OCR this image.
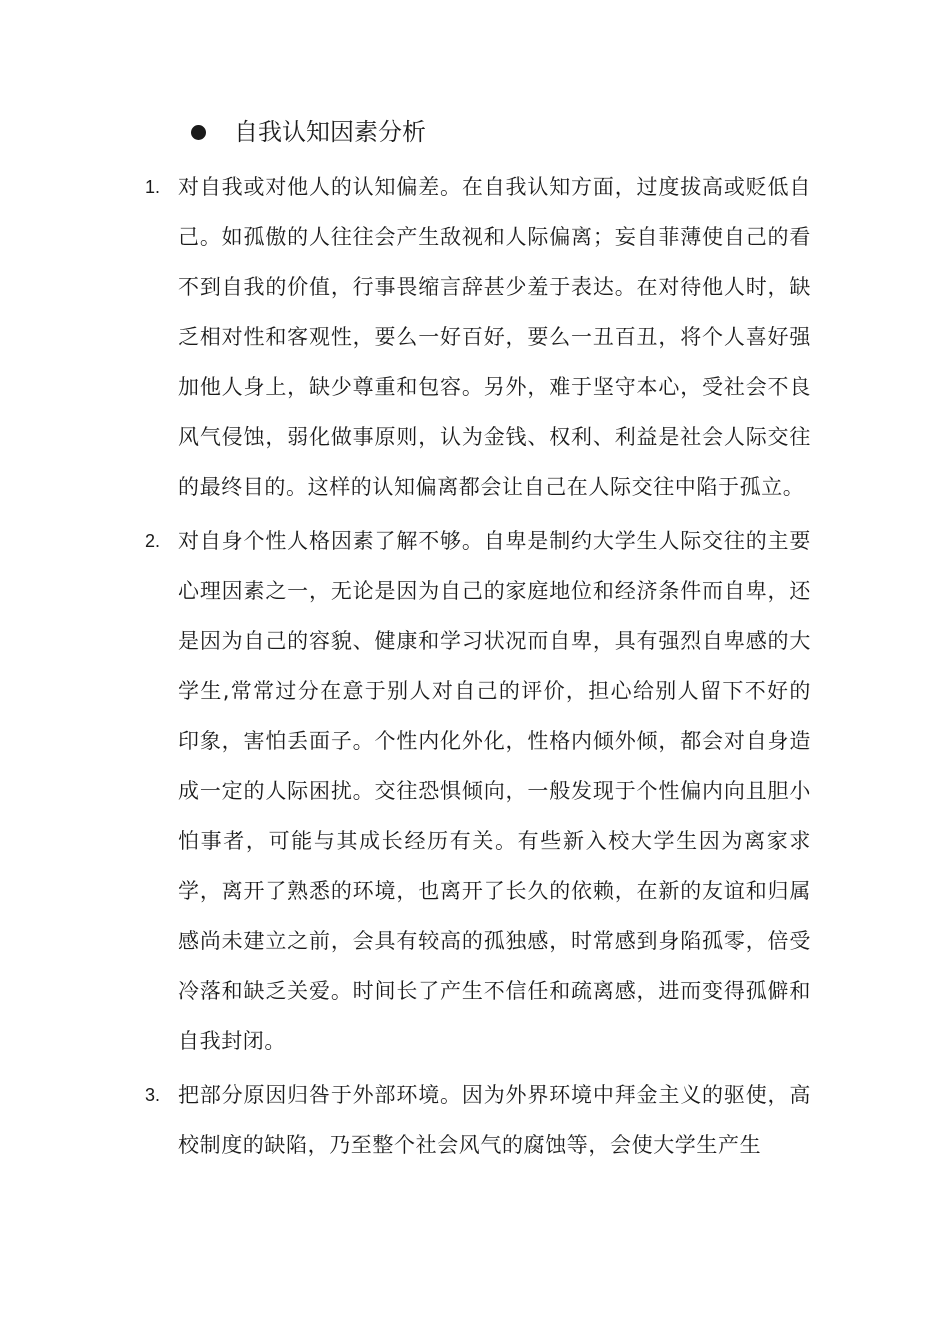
自我认知因素分析
1. 对自我或对他人的认知偏差。在自我认知方面，过度拔高或贬低自己。如孤傲的人往往会产生敌视和人际偏离；妄自菲薄使自己的看不到自我的价值，行事畏缩言辞甚少羞于表达。在对待他人时，缺乏相对性和客观性，要么一好百好，要么一丑百丑，将个人喜好强加他人身上，缺少尊重和包容。另外，难于坚守本心，受社会不良风气侵蚀，弱化做事原则，认为金钱、权利、利益是社会人际交往的最终目的。这样的认知偏离都会让自己在人际交往中陷于孤立。
2. 对自身个性人格因素了解不够。自卑是制约大学生人际交往的主要心理因素之一，无论是因为自己的家庭地位和经济条件而自卑，还是因为自己的容貌、健康和学习状况而自卑，具有强烈自卑感的大学生,常常过分在意于别人对自己的评价，担心给别人留下不好的印象，害怕丢面子。个性内化外化，性格内倾外倾，都会对自身造成一定的人际困扰。交往恐惧倾向，一般发现于个性偏内向且胆小怕事者，可能与其成长经历有关。有些新入校大学生因为离家求学，离开了熟悉的环境，也离开了长久的依赖，在新的友谊和归属感尚未建立之前，会具有较高的孤独感，时常感到身陷孤零，倍受冷落和缺乏关爱。时间长了产生不信任和疏离感，进而变得孤僻和自我封闭。
3. 把部分原因归咎于外部环境。因为外界环境中拜金主义的驱使，高校制度的缺陷，乃至整个社会风气的腐蚀等，会使大学生产生
